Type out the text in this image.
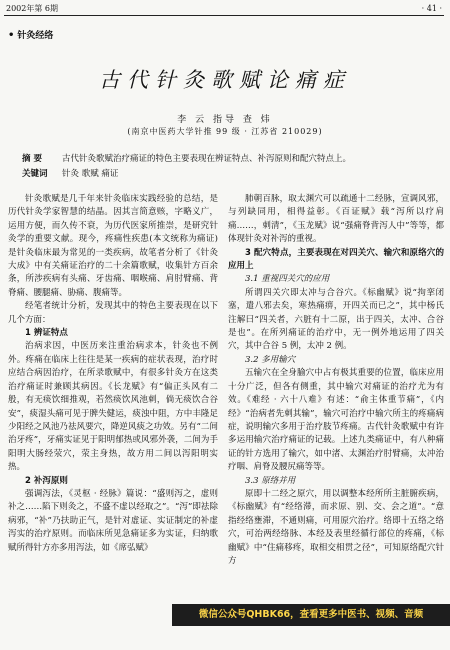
2002年第 6期	· 41 ·
• 针灸经络
古代针灸歌赋论痛症
李 云 指导 查 炜
(南京中医药大学针推 99 级 · 江苏省 210029)
摘 要 古代针灸歌赋治疗痛证的特色主要表现在辨证特点、补泻原则和配穴特点上。
关键词 针灸 歌赋 痛证

针灸歌赋是几千年来针灸临床实践经验的总结，是历代针灸学家智慧的结晶。因其言简意赅，字略义广，运用方便，而久传不衰，为历代医家所推崇，是研究针灸学的重要文献。现今，疼痛性疾患(本文统称为痛证)是针灸临床最为常见的一类疾病，故笔者分析了《针灸大成》中有关痛证治疗的二十余篇歌赋，收集针方百余条，所涉疾病有头痛、牙齿痛、咽喉痛、肩肘臂痛、背脊痛、腰腿痛、胁痛、腹痛等。

经笔者统计分析，发现其中的特色主要表现在以下几个方面：

1 辨证特点

治病求因，中医历来注重治病求本，针灸也不例外。疼痛在临床上往往是某一疾病的症状表现，治疗时应结合病因治疗，在所录歌赋中，有很多针灸方在这类治疗痛证时兼顾其病因。《长龙赋》有“偏正头风有二般，有无痰饮细推观，若然痰饮风池刺，倘无痰饮合谷安”，痰湿头痛可见于脾失健运，痰浊中阻，方中丰隆足少阳经之风池乃祛风要穴，降逆风痰之功效。另有“二间治牙疼”，牙痛实证见于阳明郁热或风邪外袭，二间为手阳明大肠经荥穴，荥主身热，故方用二间以泻阳明实热。

2 补泻原则

强调泻法，《灵枢 · 经脉》篇说：“盛则泻之，虚则补之……陷下则灸之，不盛不虚以经取之”。“泻”即祛除病邪，“补”乃扶助正气，是针对虚证、实证制定的补虚泻实的治疗原则。而临床所见急痛证多为实证，归纳歌赋所得针方亦多用泻法，如《席弘赋》

肺朝百脉，取太渊穴可以疏通十二经脉，宣调风邪，与列缺同用，相得益彰。《百证赋》载“泻所以疗肩痛……，刺清”，《玉龙赋》说“强痛脊背泻人中”等等，都体现针灸对补泻的重视。

3 配穴特点，主要表现在对四关穴、输穴和原络穴的应用上

3.1 重视四关穴的应用

所谓四关穴即太冲与合谷穴。《标幽赋》说“拘挛闭塞，遣八邪去矣，寒热痛痹，开四关而已之”，其中杨氏注解曰“四关者，六脏有十二原，出于四关，太冲、合谷是也”。在所列痛证的治疗中，无一例外地运用了四关穴，其中合谷 5 例，太冲 2 例。

3.2 多用输穴

五输穴在全身腧穴中占有极其重要的位置，临床应用十分广泛，但各有侧重，其中输穴对痛证的治疗尤为有效。《难经 · 六十八难》有述：“俞主体重节痛”，《内经》“治病者先刺其输”，输穴可治疗中输穴所主的疼痛病症，说明输穴多用于治疗肢节疼痛。古代针灸歌赋中有许多运用输穴治疗痛证的记载。上述九类痛证中，有八种痛证的针方选用了输穴，如中渚、太渊治疗肘臂痛，太冲治疗咽、肩脊及腰尻痛等等。

3.3 原络并用

原即十二经之原穴，用以调整本经所所主脏腑疾病，《标幽赋》有“经络滞，而求原、别、交、会之道”。“意指经络壅滞，不通则痛，可用原穴治疗。络即十五络之络穴，可治两经络脉、本经及表里经循行部位的疼痛，《标幽赋》中“住痛移疼，取相交相贯之径”，可知原络配穴针方

微信公众号QHBK66，查看更多中医书、视频、音频
